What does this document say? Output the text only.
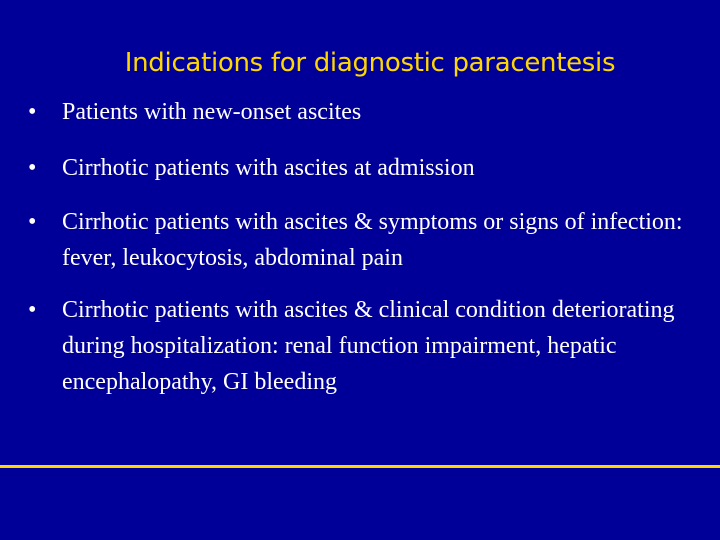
Indications for diagnostic paracentesis
•	Patients with new-onset ascites
•	Cirrhotic patients with ascites at admission
•	Cirrhotic patients with ascites & symptoms or signs of infection: fever, leukocytosis, abdominal pain
•	Cirrhotic patients with ascites & clinical condition deteriorating during hospitalization: renal function impairment, hepatic encephalopathy, GI bleeding
